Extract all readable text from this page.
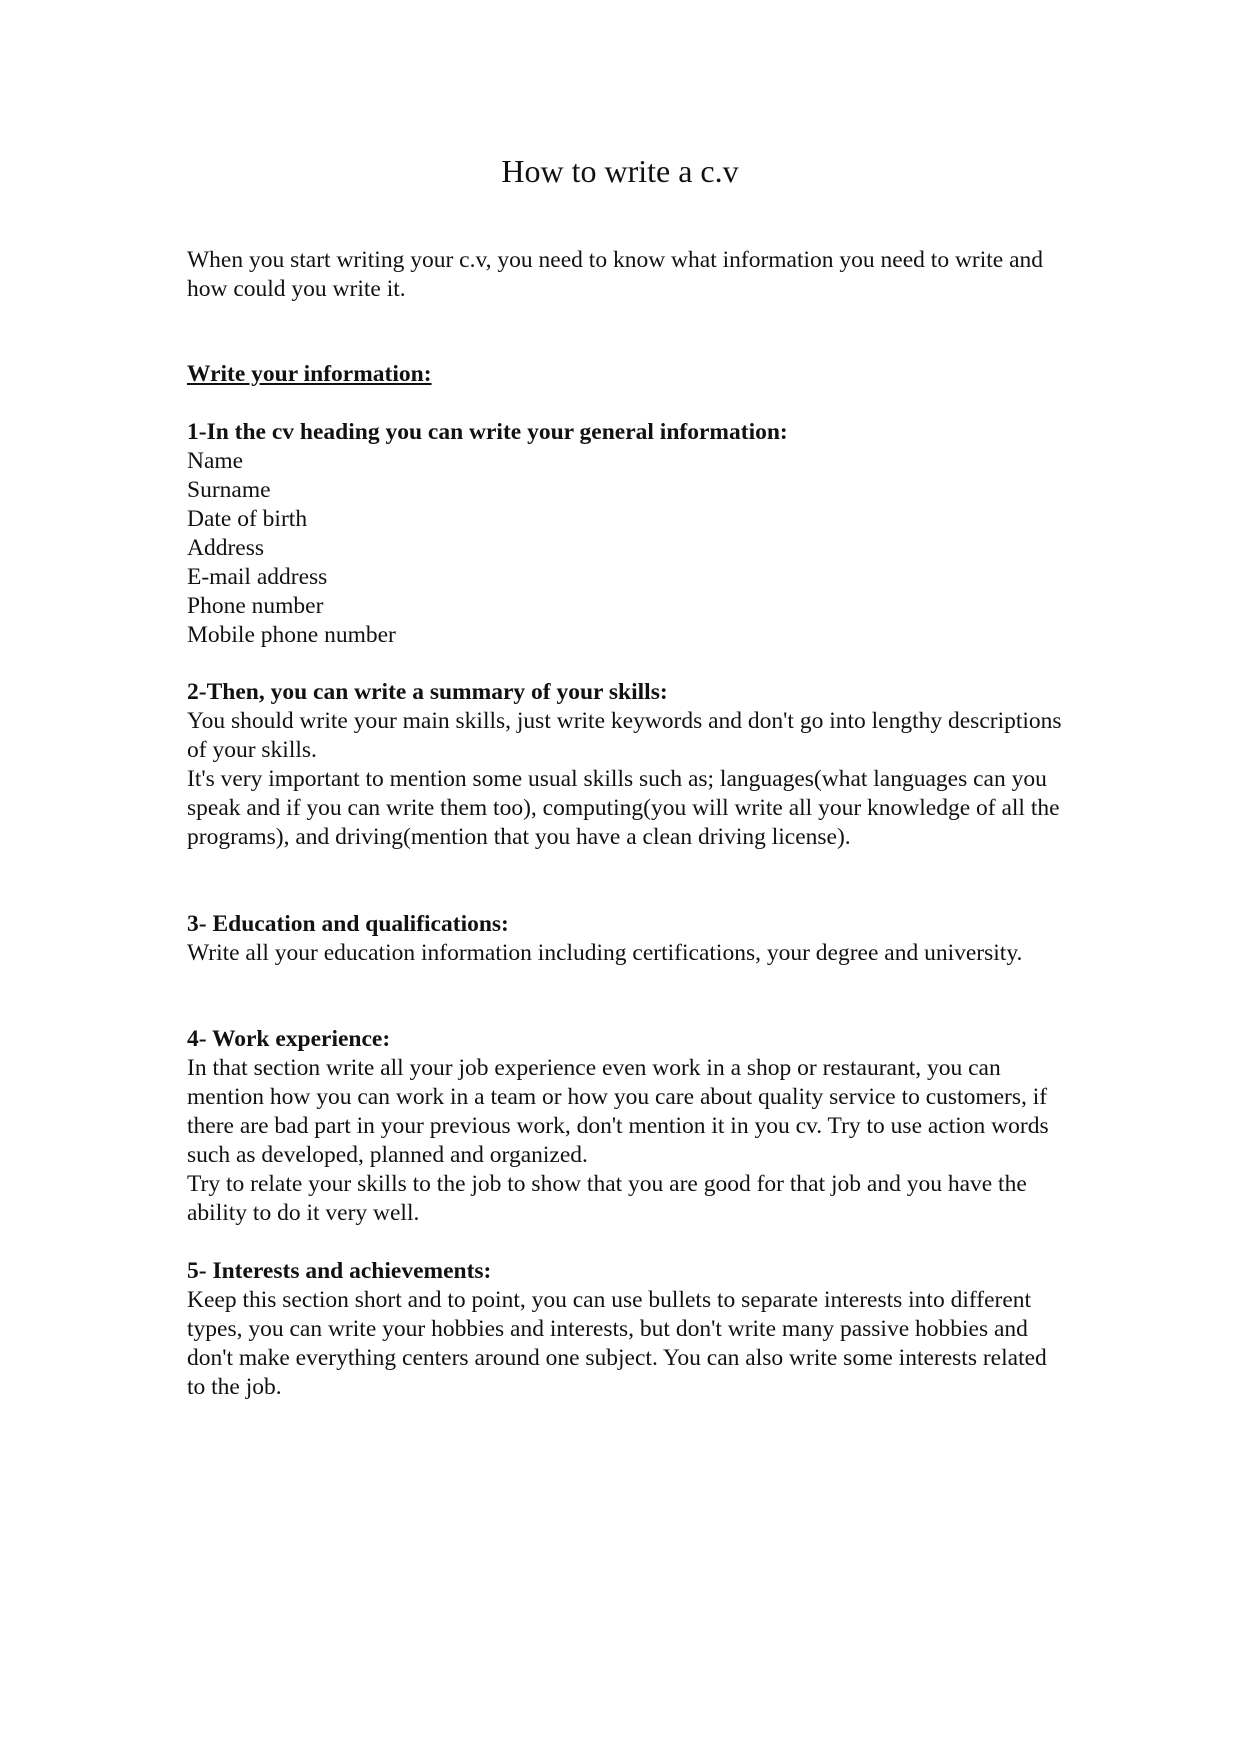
How to write a c.v

When you start writing your c.v, you need to know what information you need to write and how could you write it.

Write your information:

1-In the cv heading you can write your general information:

Name
Surname
Date of birth
Address
E-mail address
Phone number
Mobile phone number

2-Then, you can write a summary of your skills:

You should write your main skills, just write keywords and don't go into lengthy descriptions of your skills.

It's very important to mention some usual skills such as; languages(what languages can you speak and if you can write them too), computing(you will write all your knowledge of all the programs), and driving(mention that you have a clean driving license).

3- Education and qualifications:

Write all your education information including certifications, your degree and university.

4- Work experience:

In that section write all your job experience even work in a shop or restaurant, you can mention how you can work in a team or how you care about quality service to customers, if there are bad part in your previous work, don't mention it in you cv. Try to use action words such as developed, planned and organized.

Try to relate your skills to the job to show that you are good for that job and you have the ability to do it very well.

5- Interests and achievements:

Keep this section short and to point, you can use bullets to separate interests into different types, you can write your hobbies and interests, but don't write many passive hobbies and don't make everything centers around one subject. You can also write some interests related to the job.
